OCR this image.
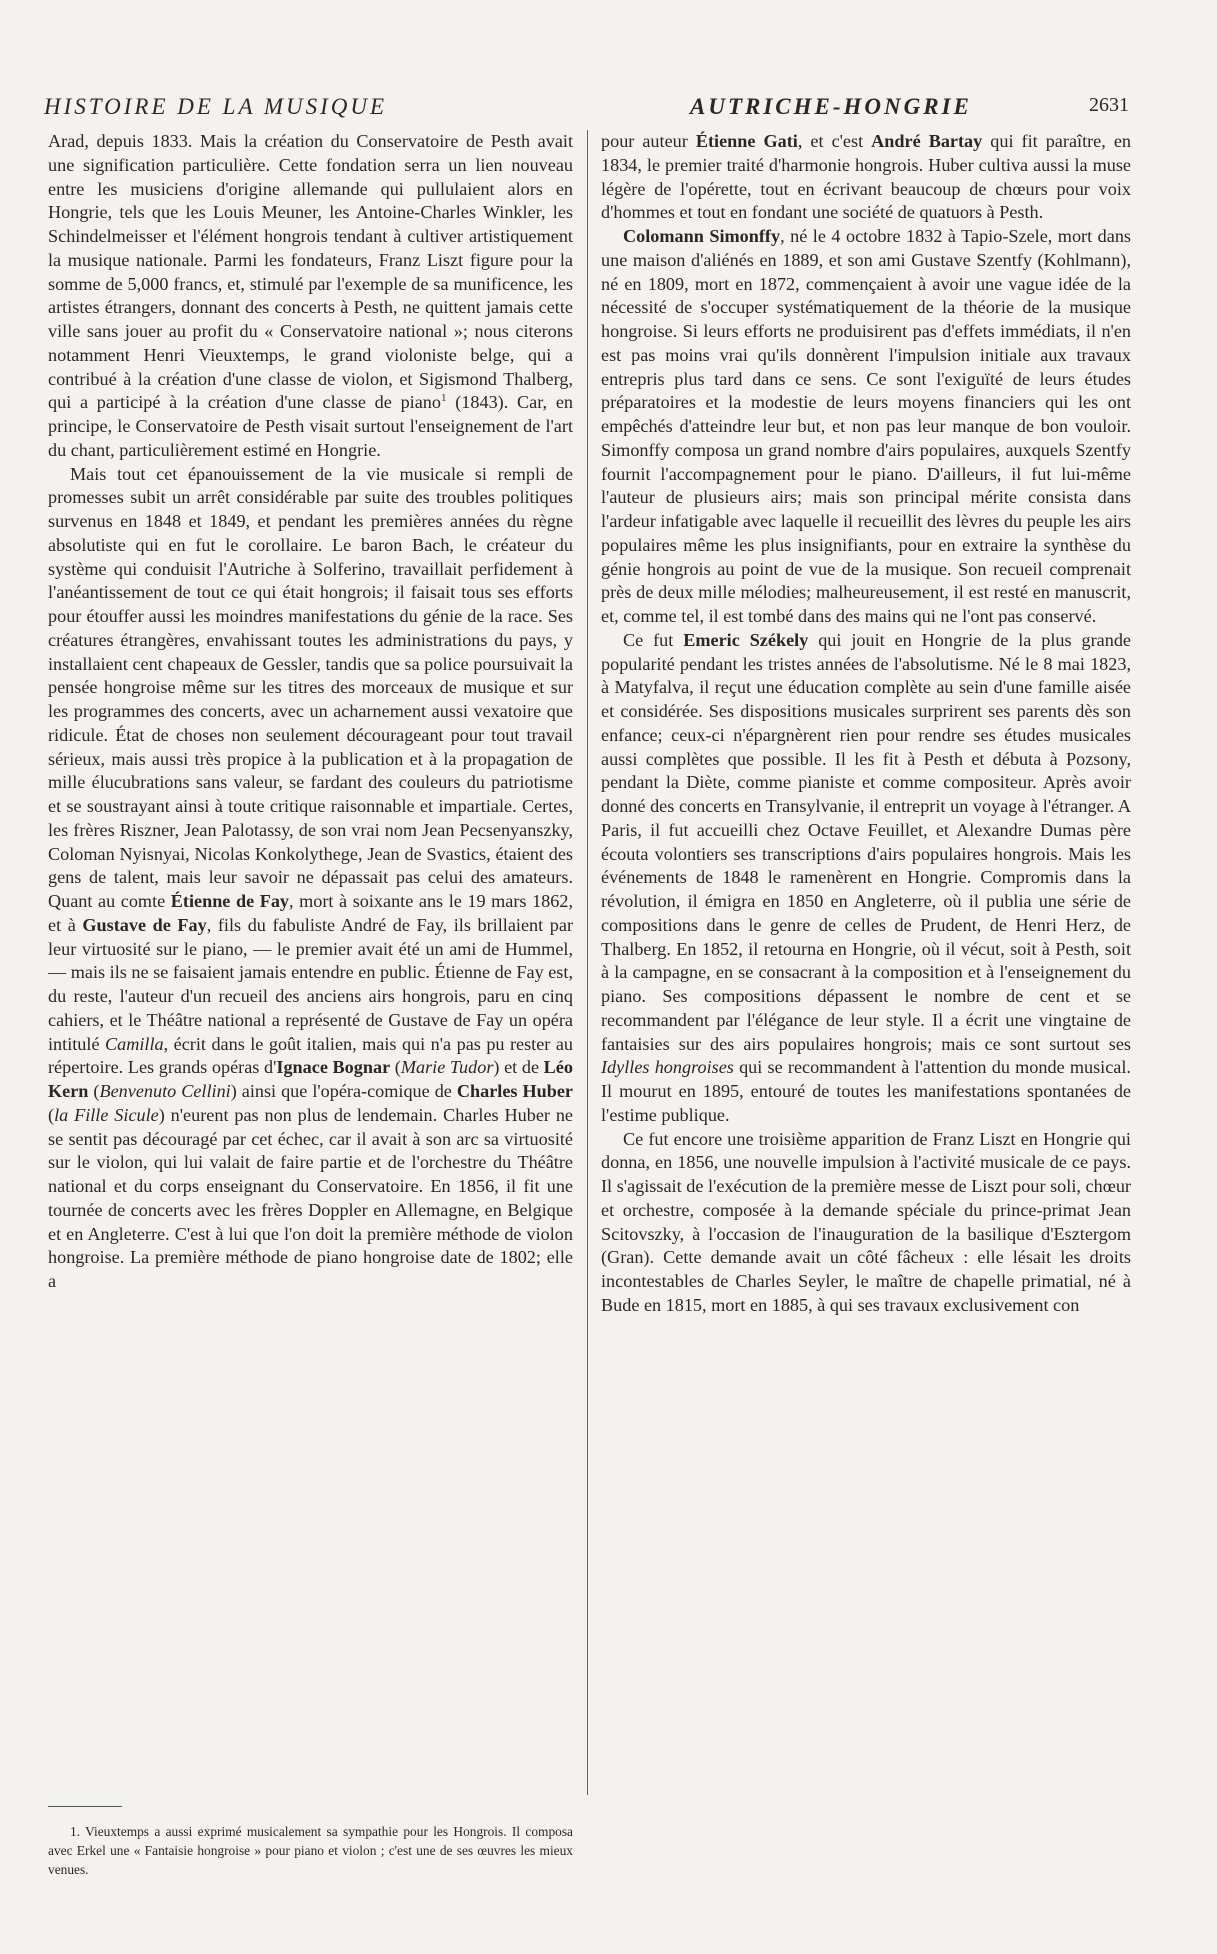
HISTOIRE DE LA MUSIQUE	AUTRICHE-HONGRIE	2631

Arad, depuis 1833. Mais la création du Conservatoire de Pesth avait une signification particulière. Cette fondation serra un lien nouveau entre les musiciens d'origine allemande qui pullulaient alors en Hongrie, tels que les Louis Meuner, les Antoine-Charles Winkler, les Schindelmeisser et l'élément hongrois tendant à cultiver artistiquement la musique nationale. Parmi les fondateurs, Franz Liszt figure pour la somme de 5,000 francs, et, stimulé par l'exemple de sa munificence, les artistes étrangers, donnant des concerts à Pesth, ne quittent jamais cette ville sans jouer au profit du « Conservatoire national »; nous citerons notamment Henri Vieuxtemps, le grand violoniste belge, qui a contribué à la création d'une classe de violon, et Sigismond Thalberg, qui a participé à la création d'une classe de piano$^1$ (1843). Car, en principe, le Conservatoire de Pesth visait surtout l'enseignement de l'art du chant, particulièrement estimé en Hongrie.

Mais tout cet épanouissement de la vie musicale si rempli de promesses subit un arrêt considérable par suite des troubles politiques survenus en 1848 et 1849, et pendant les premières années du règne absolutiste qui en fut le corollaire. Le baron Bach, le créateur du système qui conduisit l'Autriche à Solferino, travaillait perfidement à l'anéantissement de tout ce qui était hongrois; il faisait tous ses efforts pour étouffer aussi les moindres manifestations du génie de la race. Ses créatures étrangères, envahissant toutes les administrations du pays, y installaient cent chapeaux de Gessler, tandis que sa police poursuivait la pensée hongroise même sur les titres des morceaux de musique et sur les programmes des concerts, avec un acharnement aussi vexatoire que ridicule. État de choses non seulement décourageant pour tout travail sérieux, mais aussi très propice à la publication et à la propagation de mille élucubrations sans valeur, se fardant des couleurs du patriotisme et se soustrayant ainsi à toute critique raisonnable et impartiale. Certes, les frères Riszner, Jean Palotassy, de son vrai nom Jean Pecsenyanszky, Coloman Nyisnyai, Nicolas Konkolythege, Jean de Svastics, étaient des gens de talent, mais leur savoir ne dépassait pas celui des amateurs. Quant au comte Étienne de Fay, mort à soixante ans le 19 mars 1862, et à Gustave de Fay, fils du fabuliste André de Fay, ils brillaient par leur virtuosité sur le piano, — le premier avait été un ami de Hummel, — mais ils ne se faisaient jamais entendre en public. Étienne de Fay est, du reste, l'auteur d'un recueil des anciens airs hongrois, paru en cinq cahiers, et le Théâtre national a représenté de Gustave de Fay un opéra intitulé Camilla, écrit dans le goût italien, mais qui n'a pas pu rester au répertoire. Les grands opéras d'Ignace Bognar (Marie Tudor) et de Léo Kern (Benvenuto Cellini) ainsi que l'opéra-comique de Charles Huber (la Fille Sicule) n'eurent pas non plus de lendemain. Charles Huber ne se sentit pas découragé par cet échec, car il avait à son arc sa virtuosité sur le violon, qui lui valait de faire partie et de l'orchestre du Théâtre national et du corps enseignant du Conservatoire. En 1856, il fit une tournée de concerts avec les frères Doppler en Allemagne, en Belgique et en Angleterre. C'est à lui que l'on doit la première méthode de violon hongroise. La première méthode de piano hongroise date de 1802; elle a

pour auteur Étienne Gati, et c'est André Bartay qui fit paraître, en 1834, le premier traité d'harmonie hongrois. Huber cultiva aussi la muse légère de l'opérette, tout en écrivant beaucoup de chœurs pour voix d'hommes et tout en fondant une société de quatuors à Pesth.

Colomann Simonffy, né le 4 octobre 1832 à Tapio-Szele, mort dans une maison d'aliénés en 1889, et son ami Gustave Szentfy (Kohlmann), né en 1809, mort en 1872, commençaient à avoir une vague idée de la nécessité de s'occuper systématiquement de la théorie de la musique hongroise. Si leurs efforts ne produisirent pas d'effets immédiats, il n'en est pas moins vrai qu'ils donnèrent l'impulsion initiale aux travaux entrepris plus tard dans ce sens. Ce sont l'exiguïté de leurs études préparatoires et la modestie de leurs moyens financiers qui les ont empêchés d'atteindre leur but, et non pas leur manque de bon vouloir. Simonffy composa un grand nombre d'airs populaires, auxquels Szentfy fournit l'accompagnement pour le piano. D'ailleurs, il fut lui-même l'auteur de plusieurs airs; mais son principal mérite consista dans l'ardeur infatigable avec laquelle il recueillit des lèvres du peuple les airs populaires même les plus insignifiants, pour en extraire la synthèse du génie hongrois au point de vue de la musique. Son recueil comprenait près de deux mille mélodies; malheureusement, il est resté en manuscrit, et, comme tel, il est tombé dans des mains qui ne l'ont pas conservé.

Ce fut Emeric Székely qui jouit en Hongrie de la plus grande popularité pendant les tristes années de l'absolutisme. Né le 8 mai 1823, à Matyfalva, il reçut une éducation complète au sein d'une famille aisée et considérée. Ses dispositions musicales surprirent ses parents dès son enfance; ceux-ci n'épargnèrent rien pour rendre ses études musicales aussi complètes que possible. Il les fit à Pesth et débuta à Pozsony, pendant la Diète, comme pianiste et comme compositeur. Après avoir donné des concerts en Transylvanie, il entreprit un voyage à l'étranger. A Paris, il fut accueilli chez Octave Feuillet, et Alexandre Dumas père écouta volontiers ses transcriptions d'airs populaires hongrois. Mais les événements de 1848 le ramenèrent en Hongrie. Compromis dans la révolution, il émigra en 1850 en Angleterre, où il publia une série de compositions dans le genre de celles de Prudent, de Henri Herz, de Thalberg. En 1852, il retourna en Hongrie, où il vécut, soit à Pesth, soit à la campagne, en se consacrant à la composition et à l'enseignement du piano. Ses compositions dépassent le nombre de cent et se recommandent par l'élégance de leur style. Il a écrit une vingtaine de fantaisies sur des airs populaires hongrois; mais ce sont surtout ses Idylles hongroises qui se recommandent à l'attention du monde musical. Il mourut en 1895, entouré de toutes les manifestations spontanées de l'estime publique.

Ce fut encore une troisième apparition de Franz Liszt en Hongrie qui donna, en 1856, une nouvelle impulsion à l'activité musicale de ce pays. Il s'agissait de l'exécution de la première messe de Liszt pour soli, chœur et orchestre, composée à la demande spéciale du prince-primat Jean Scitovszky, à l'occasion de l'inauguration de la basilique d'Esztergom (Gran). Cette demande avait un côté fâcheux : elle lésait les droits incontestables de Charles Seyler, le maître de chapelle primatial, né à Bude en 1815, mort en 1885, à qui ses travaux exclusivement con

1. Vieuxtemps a aussi exprimé musicalement sa sympathie pour les Hongrois. Il composa avec Erkel une « Fantaisie hongroise » pour piano et violon ; c'est une de ses œuvres les mieux venues.
